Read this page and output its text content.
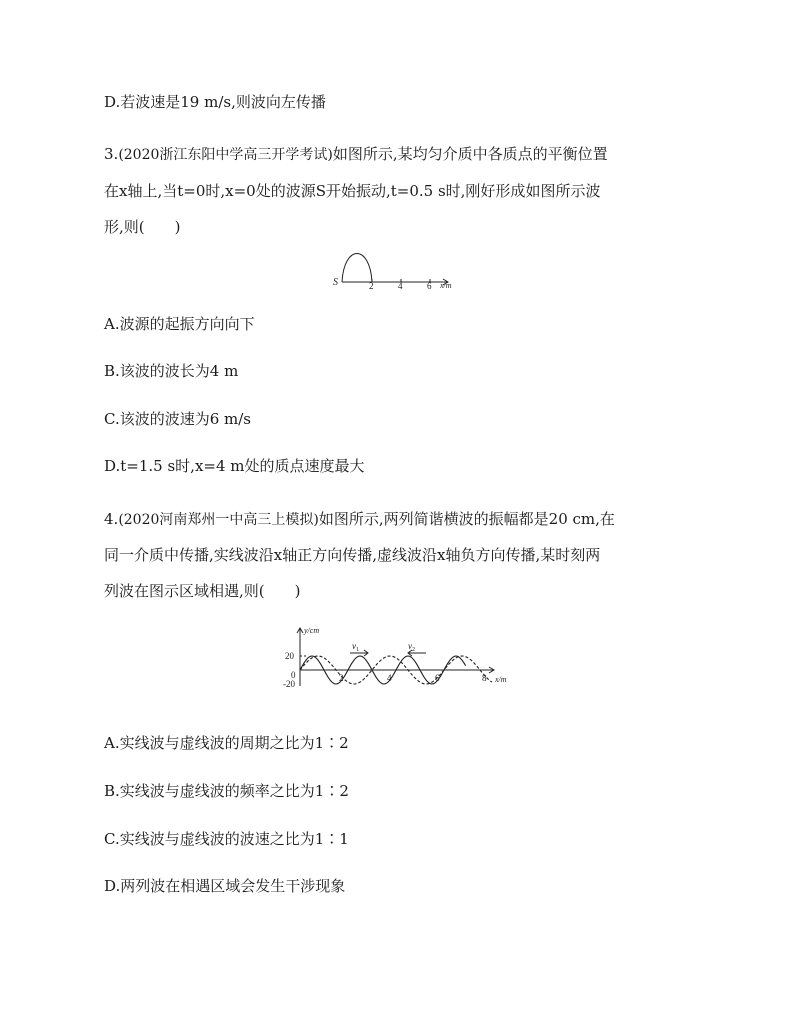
D.若波速是19 m/s,则波向左传播
3.(2020浙江东阳中学高三开学考试)如图所示,某均匀介质中各质点的平衡位置
在x轴上,当t=0时,x=0处的波源S开始振动,t=0.5 s时,刚好形成如图所示波
形,则(　　)
S	2	4	6 x/m
A.波源的起振方向向下
B.该波的波长为4 m
C.该波的波速为6 m/s
D.t=1.5 s时,x=4 m处的质点速度最大
4.(2020河南郑州一中高三上模拟)如图所示,两列简谐横波的振幅都是20 cm,在
同一介质中传播,实线波沿x轴正方向传播,虚线波沿x轴负方向传播,某时刻两
列波在图示区域相遇,则(　　)
$v_1$	$v_2$
y/cm
20
0
-20
2	4	6	8 x/m
A.实线波与虚线波的周期之比为1∶2
B.实线波与虚线波的频率之比为1∶2
C.实线波与虚线波的波速之比为1∶1
D.两列波在相遇区域会发生干涉现象
